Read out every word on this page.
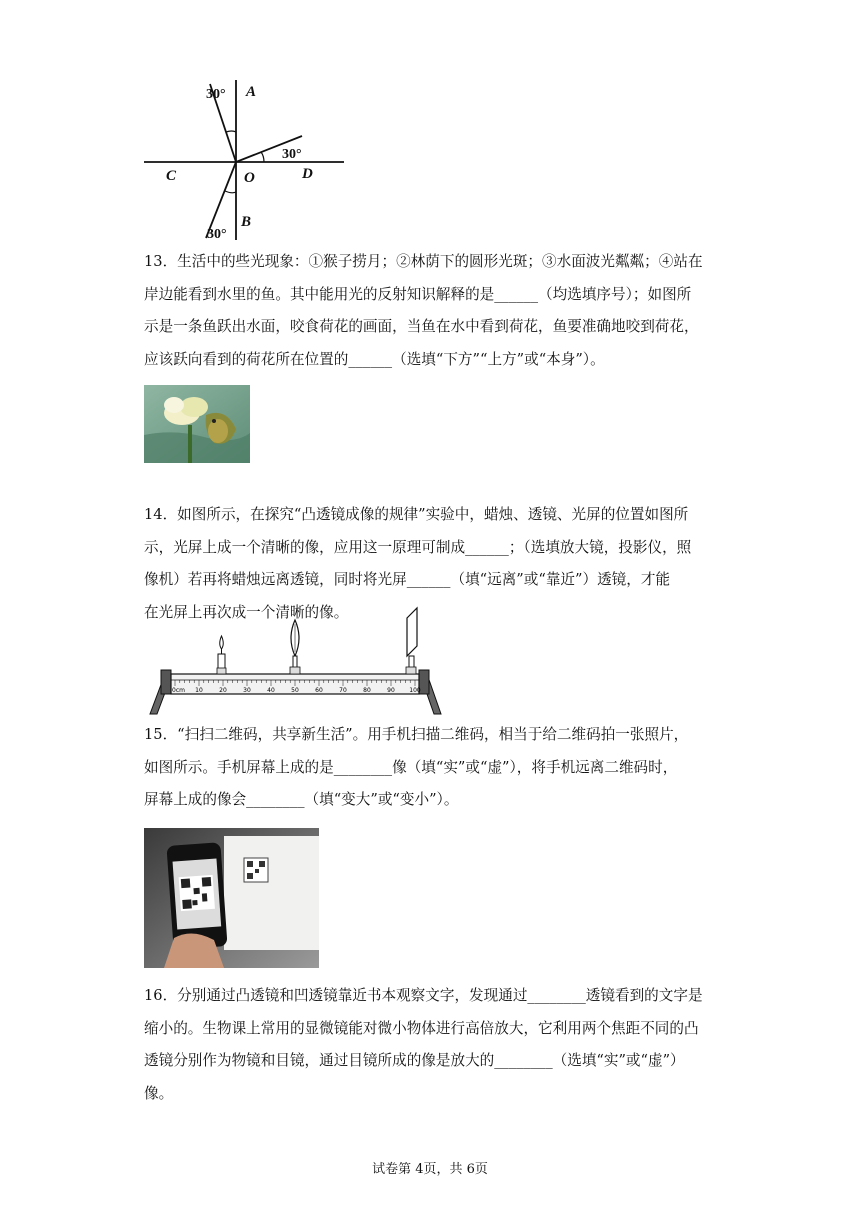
30° A
30°
C	O	D
B
30°

13．生活中的些光现象：①猴子捞月；②林荫下的圆形光斑；③水面波光粼粼；④站在

岸边能看到水里的鱼。其中能用光的反射知识解释的是______（均选填序号）；如图所

示是一条鱼跃出水面，咬食荷花的画面，当鱼在水中看到荷花，鱼要准确地咬到荷花，

应该跃向看到的荷花所在位置的______（选填“下方”“上方”或“本身”）。

14．如图所示，在探究“凸透镜成像的规律”实验中，蜡烛、透镜、光屏的位置如图所

示，光屏上成一个清晰的像，应用这一原理可制成______；（选填放大镜，投影仪，照

像机）若再将蜡烛远离透镜，同时将光屏______（填“远离”或“靠近”）透镜，才能

在光屏上再次成一个清晰的像。

0cm 10	20	30	40	50	60	70	80	90 100

15．“扫扫二维码，共享新生活”。用手机扫描二维码，相当于给二维码拍一张照片，

如图所示。手机屏幕上成的是________像（填“实”或“虚”），将手机远离二维码时，

屏幕上成的像会________（填“变大”或“变小”）。

16．分别通过凸透镜和凹透镜靠近书本观察文字，发现通过________透镜看到的文字是

缩小的。生物课上常用的显微镜能对微小物体进行高倍放大，它利用两个焦距不同的凸

透镜分别作为物镜和目镜，通过目镜所成的像是放大的________（选填“实”或“虚”）

像。

试卷第 4页，共 6页
